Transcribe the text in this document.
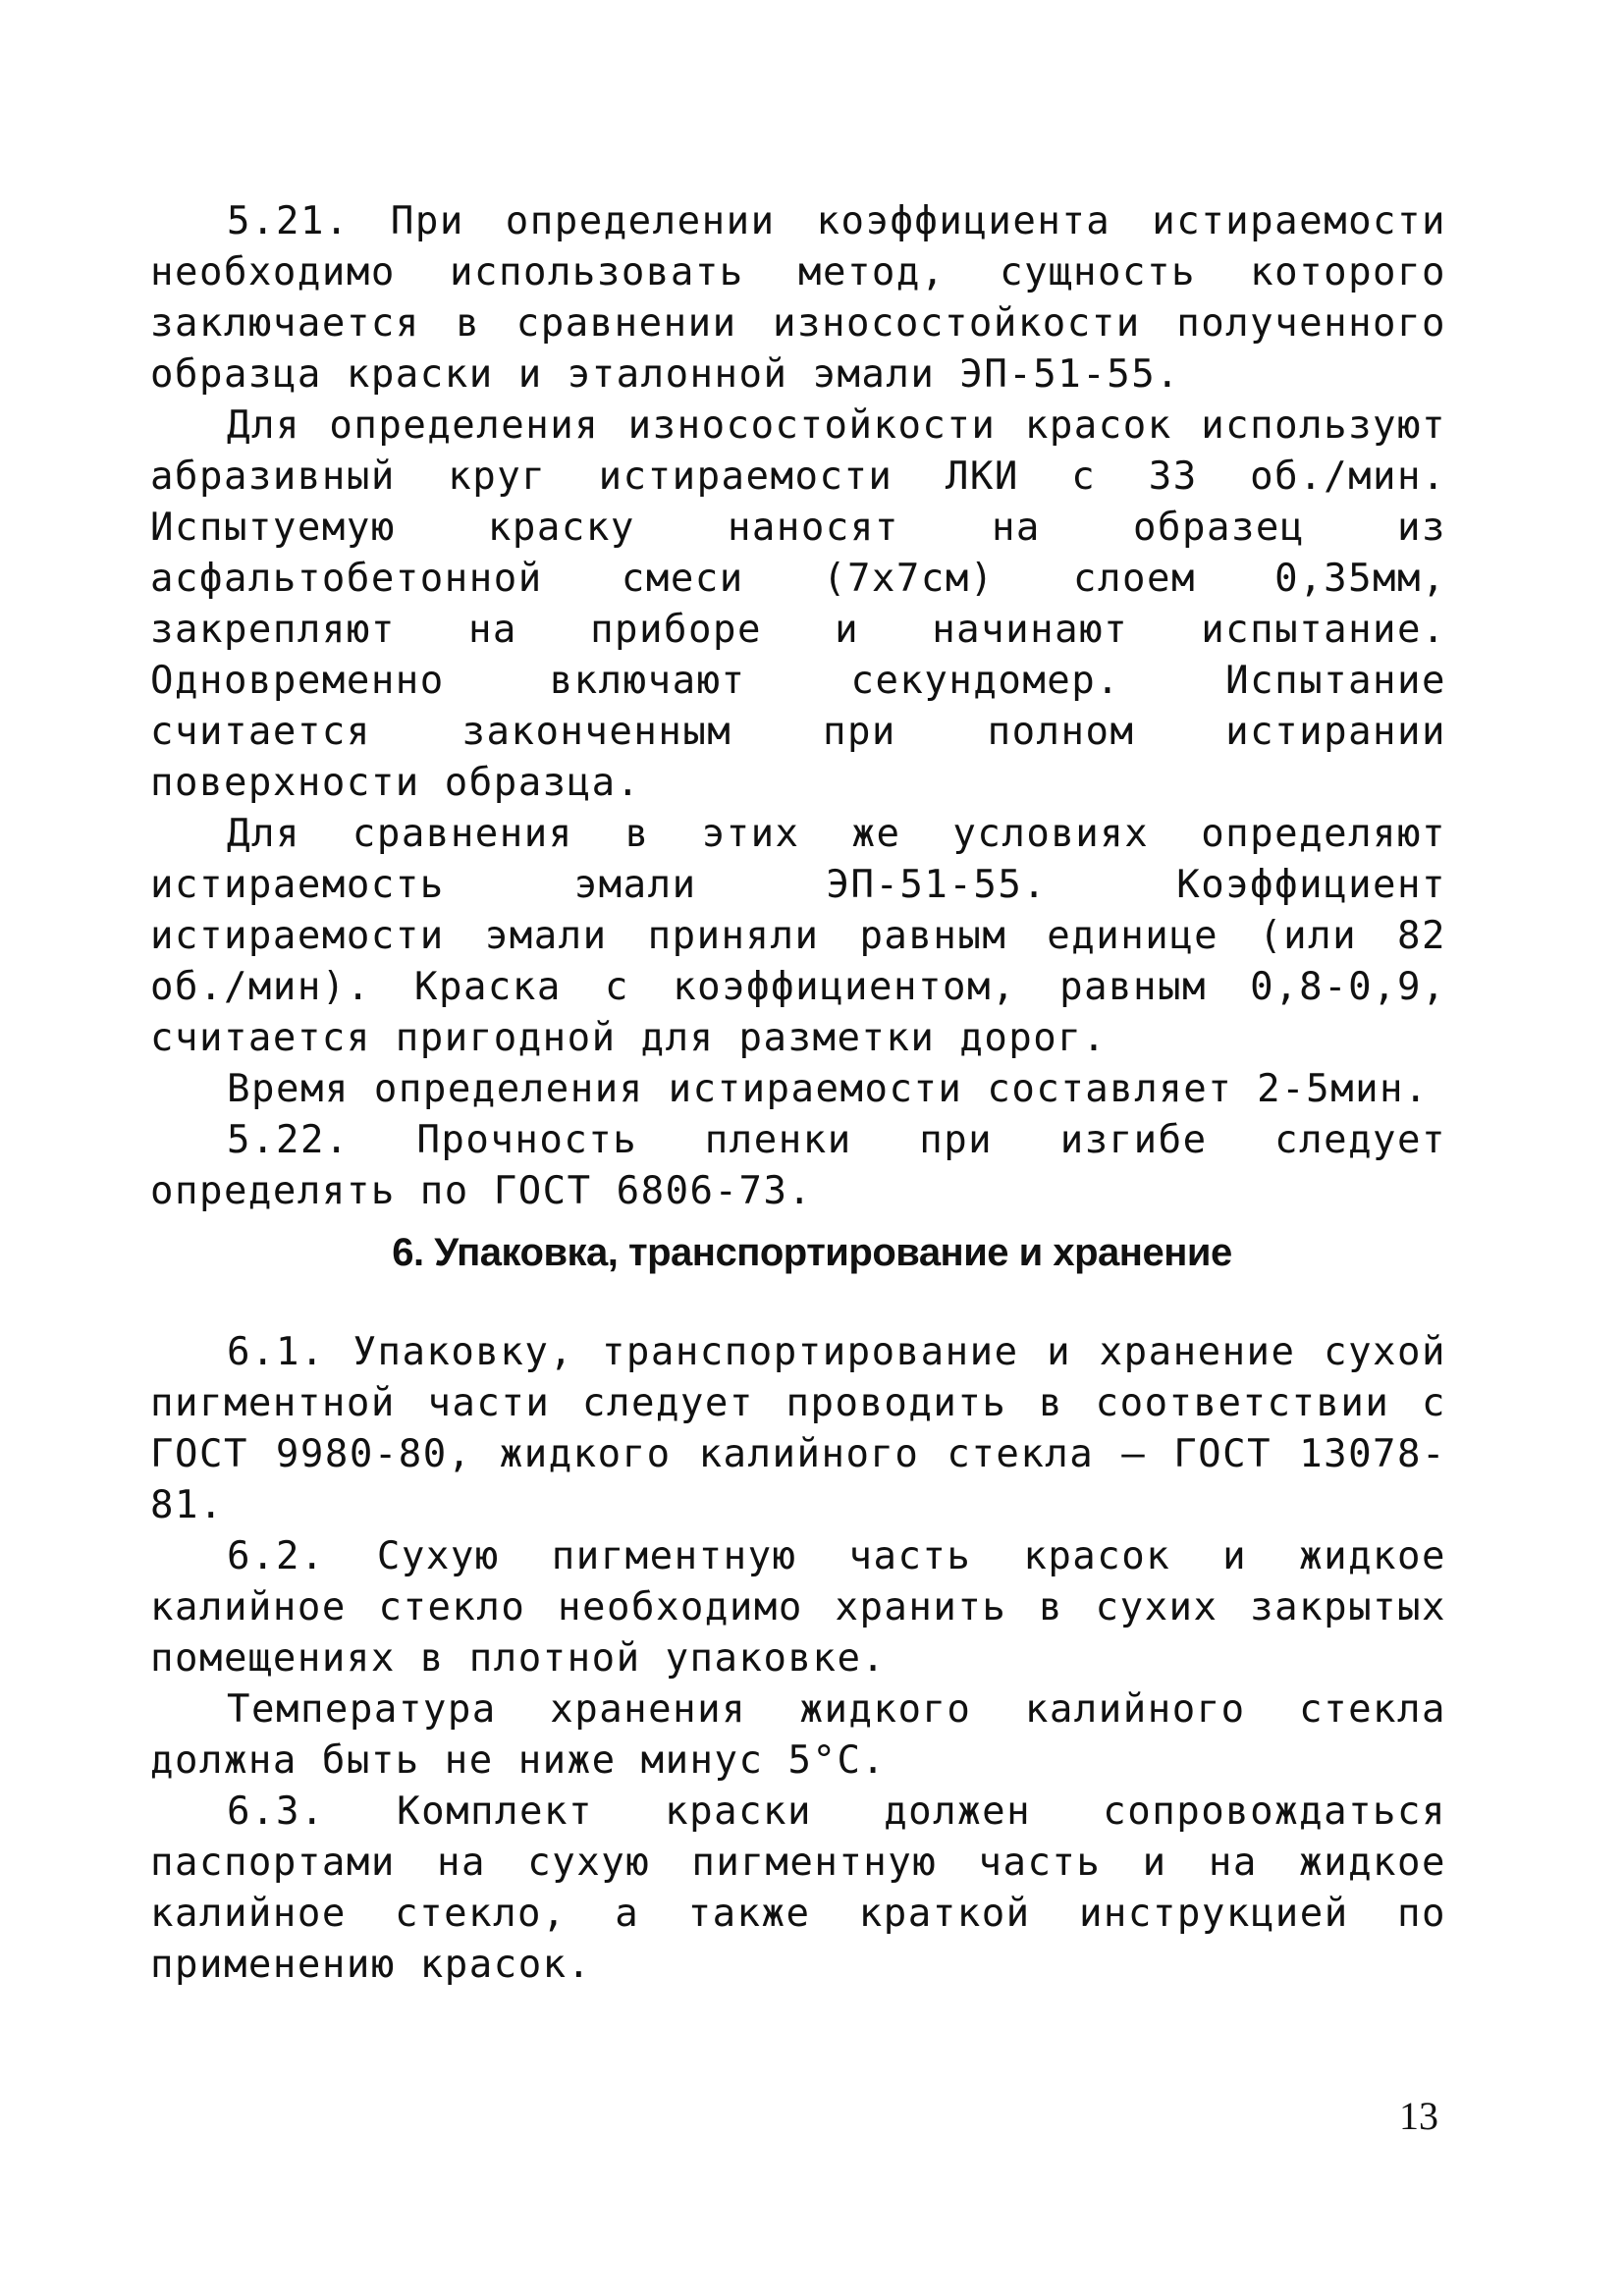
5.21. При определении коэффициента истираемости необходимо использовать метод, сущность которого заключается в сравнении износостойкости полученного образца краски и эталонной эмали ЭП-51-55.

Для определения износостойкости красок используют абразивный круг истираемости ЛКИ с 33 об./мин. Испытуемую краску наносят на образец из асфальтобетонной смеси (7х7см) слоем 0,35мм, закрепляют на приборе и начинают испытание. Одновременно включают секундомер. Испытание считается законченным при полном истирании поверхности образца.

Для сравнения в этих же условиях определяют истираемость эмали ЭП-51-55. Коэффициент истираемости эмали приняли равным единице (или 82 об./мин). Краска с коэффициентом, равным 0,8-0,9, считается пригодной для разметки дорог.

Время определения истираемости составляет 2-5мин.

5.22. Прочность пленки при изгибе следует определять по ГОСТ 6806-73.

6. Упаковка, транспортирование и хранение

6.1. Упаковку, транспортирование и хранение сухой пигментной части следует проводить в соответствии с ГОСТ 9980-80, жидкого калийного стекла – ГОСТ 13078-81.

6.2. Сухую пигментную часть красок и жидкое калийное стекло необходимо хранить в сухих закрытых помещениях в плотной упаковке.

Температура хранения жидкого калийного стекла должна быть не ниже минус 5°С.

6.3. Комплект краски должен сопровождаться паспортами на сухую пигментную часть и на жидкое калийное стекло, а также краткой инструкцией по применению красок.

13
